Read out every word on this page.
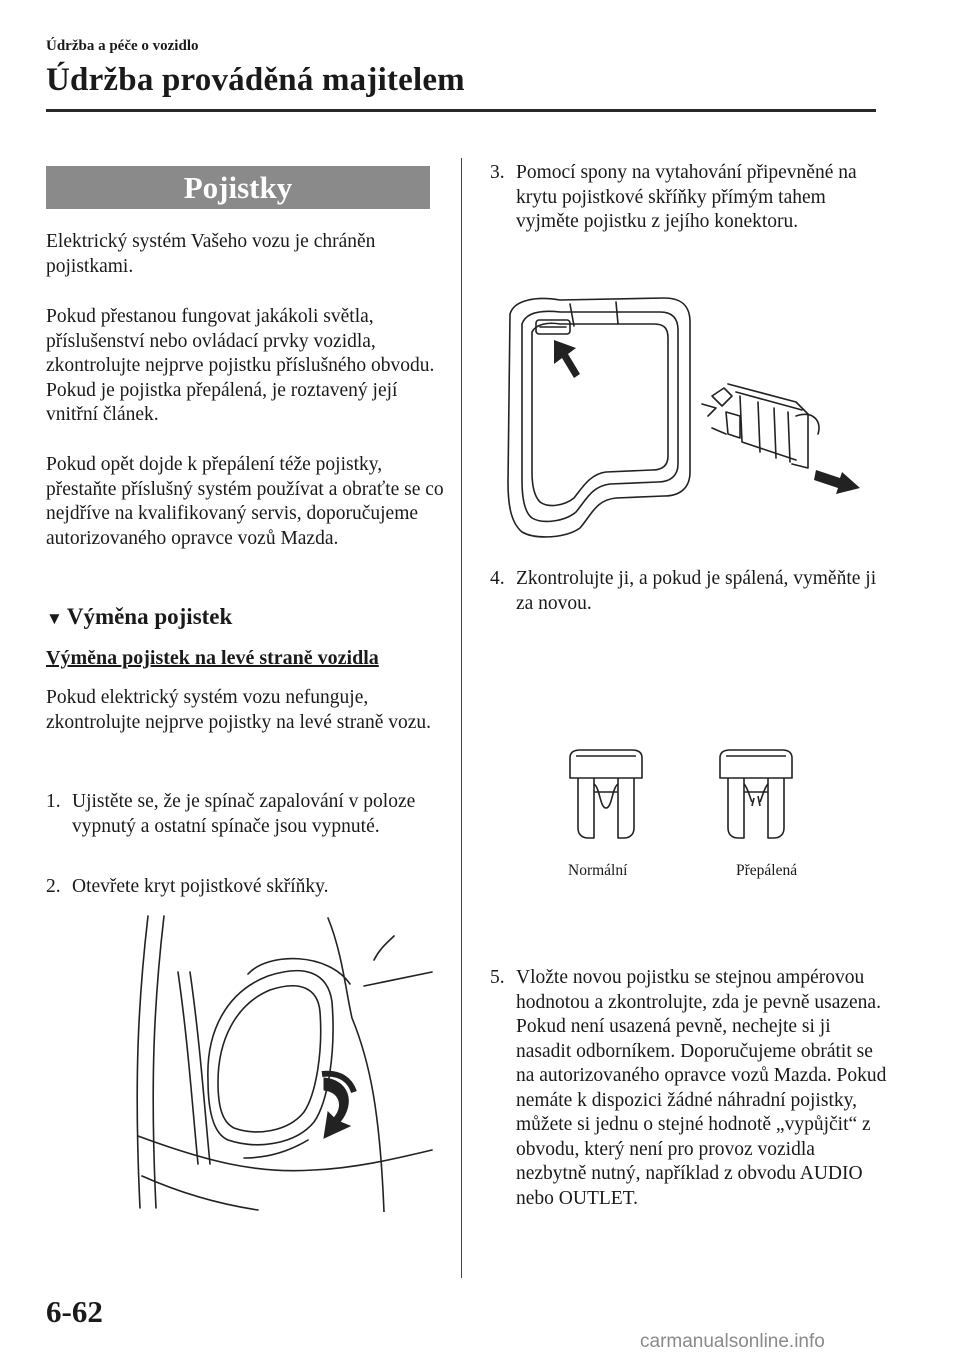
Údržba a péče o vozidlo
Údržba prováděná majitelem
Pojistky
Elektrický systém Vašeho vozu je chráněn pojistkami.
Pokud přestanou fungovat jakákoli světla, příslušenství nebo ovládací prvky vozidla, zkontrolujte nejprve pojistku příslušného obvodu. Pokud je pojistka přepálená, je roztavený její vnitřní článek.
Pokud opět dojde k přepálení téže pojistky, přestaňte příslušný systém používat a obraťte se co nejdříve na kvalifikovaný servis, doporučujeme autorizovaného opravce vozů Mazda.
▼ Výměna pojistek
Výměna pojistek na levé straně vozidla
Pokud elektrický systém vozu nefunguje, zkontrolujte nejprve pojistky na levé straně vozu.
1. Ujistěte se, že je spínač zapalování v poloze vypnutý a ostatní spínače jsou vypnuté.
2. Otevřete kryt pojistkové skříňky.
3. Pomocí spony na vytahování připevněné na krytu pojistkové skříňky přímým tahem vyjměte pojistku z jejího konektoru.
4. Zkontrolujte ji, a pokud je spálená, vyměňte ji za novou.
Normální	Přepálená
5. Vložte novou pojistku se stejnou ampérovou hodnotou a zkontrolujte, zda je pevně usazena. Pokud není usazená pevně, nechejte si ji nasadit odborníkem. Doporučujeme obrátit se na autorizovaného opravce vozů Mazda. Pokud nemáte k dispozici žádné náhradní pojistky, můžete si jednu o stejné hodnotě „vypůjčit“ z obvodu, který není pro provoz vozidla nezbytně nutný, například z obvodu AUDIO nebo OUTLET.
6-62
carmanualsonline.info
